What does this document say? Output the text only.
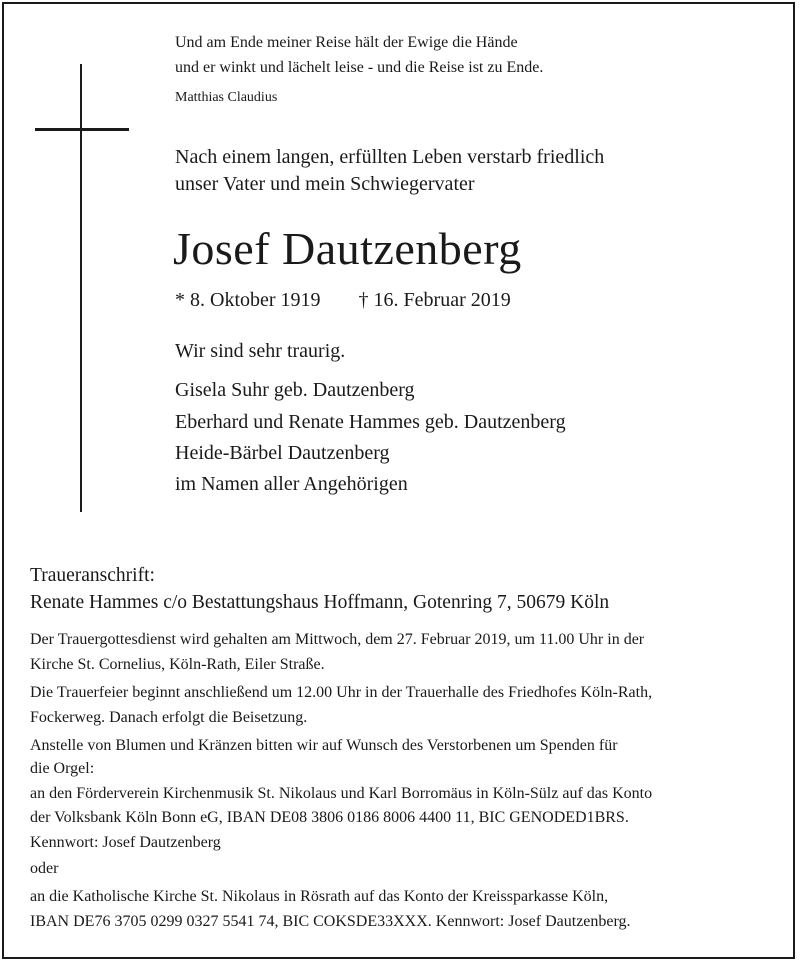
Und am Ende meiner Reise hält der Ewige die Hände
und er winkt und lächelt leise - und die Reise ist zu Ende.
Matthias Claudius
Nach einem langen, erfüllten Leben verstarb friedlich
unser Vater und mein Schwiegervater
Josef Dautzenberg
* 8. Oktober 1919 † 16. Februar 2019
Wir sind sehr traurig.
Gisela Suhr geb. Dautzenberg
Eberhard und Renate Hammes geb. Dautzenberg
Heide-Bärbel Dautzenberg
im Namen aller Angehörigen
Traueranschrift:
Renate Hammes c/o Bestattungshaus Hoffmann, Gotenring 7, 50679 Köln
Der Trauergottesdienst wird gehalten am Mittwoch, dem 27. Februar 2019, um 11.00 Uhr in der
Kirche St. Cornelius, Köln-Rath, Eiler Straße.
Die Trauerfeier beginnt anschließend um 12.00 Uhr in der Trauerhalle des Friedhofes Köln-Rath,
Fockerweg. Danach erfolgt die Beisetzung.
Anstelle von Blumen und Kränzen bitten wir auf Wunsch des Verstorbenen um Spenden für
die Orgel:
an den Förderverein Kirchenmusik St. Nikolaus und Karl Borromäus in Köln-Sülz auf das Konto
der Volksbank Köln Bonn eG, IBAN DE08 3806 0186 8006 4400 11, BIC GENODED1BRS.
Kennwort: Josef Dautzenberg
oder
an die Katholische Kirche St. Nikolaus in Rösrath auf das Konto der Kreissparkasse Köln,
IBAN DE76 3705 0299 0327 5541 74, BIC COKSDE33XXX. Kennwort: Josef Dautzenberg.
